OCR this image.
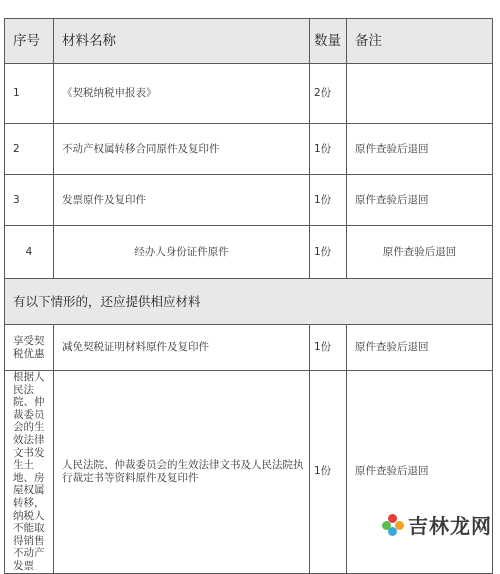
序号	材料名称	数量	备注
1	《契税纳税申报表》	2份	
2	不动产权属转移合同原件及复印件	1份	原件查验后退回
3	发票原件及复印件	1份	原件查验后退回
4	经办人身份证件原件	1份	原件查验后退回
有以下情形的，还应提供相应材料			
享受契税优惠	减免契税证明材料原件及复印件	1份	原件查验后退回

根据人民法院、仲裁委员会的生效法律文书发生土地、房屋权属转移，纳税人不能取得销售不动产发票	人民法院、仲裁委员会的生效法律文书及人民法院执行裁定书等资料原件及复印件	1份	原件查验后退回
吉林龙网
